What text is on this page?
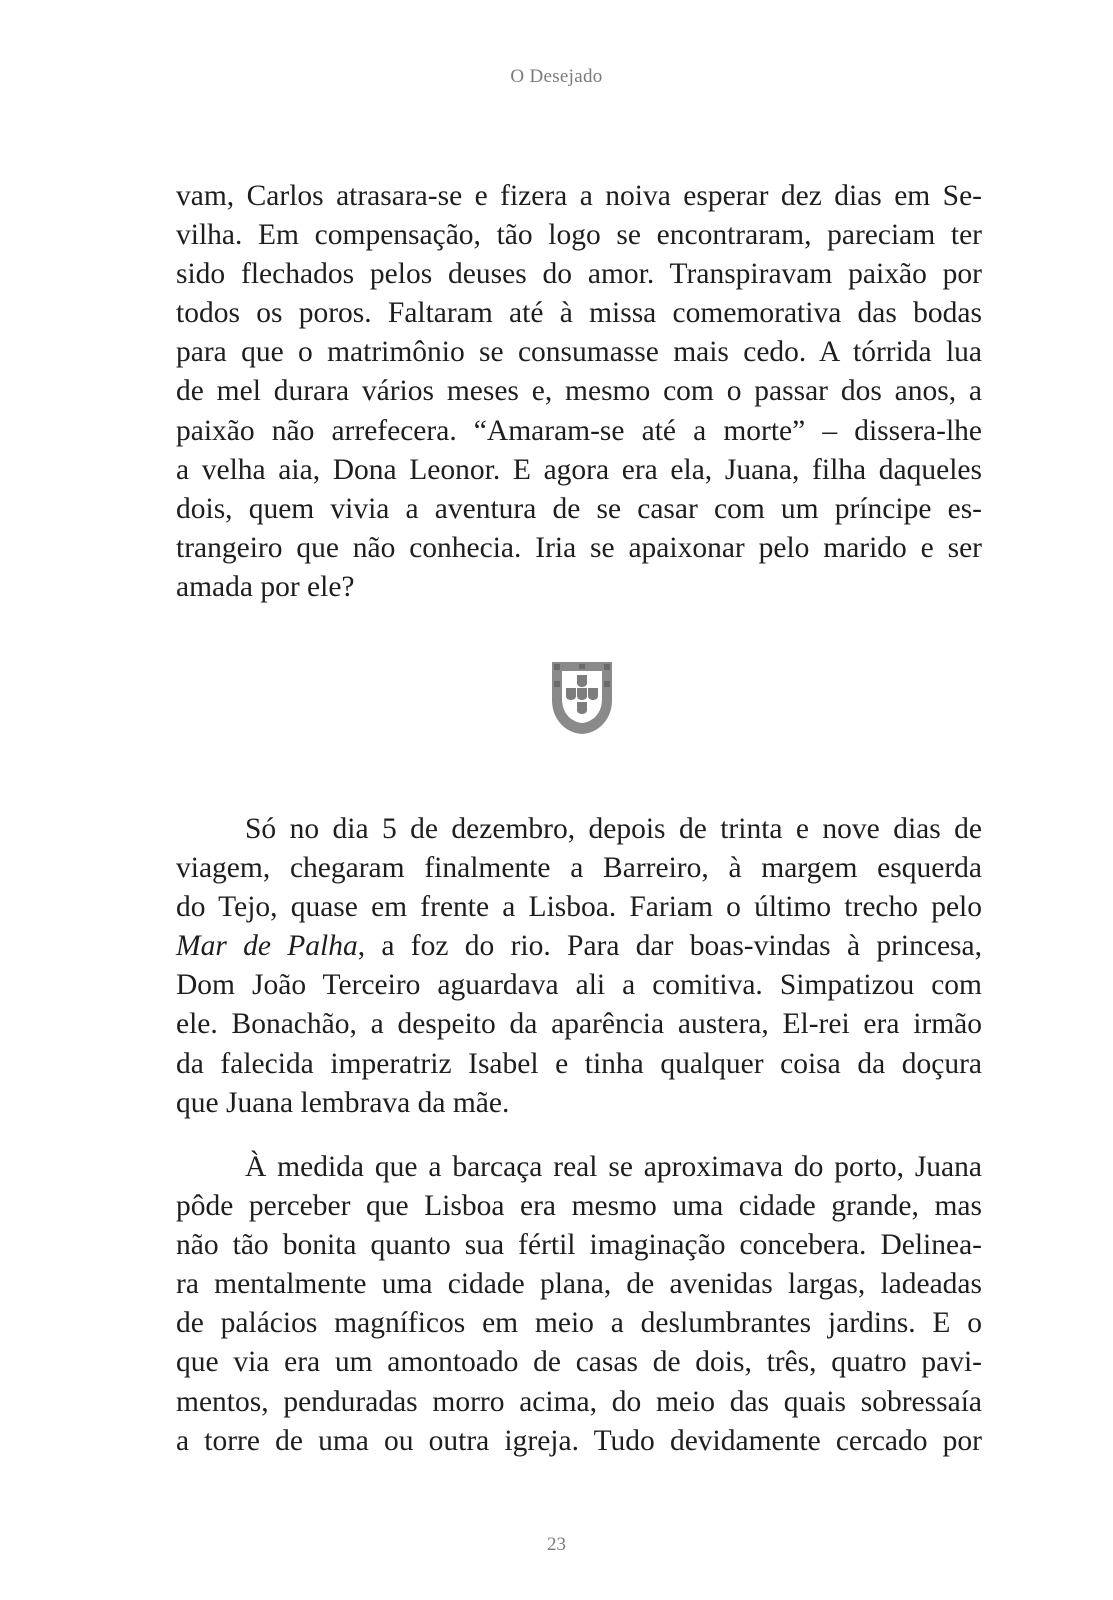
O Desejado
vam, Carlos atrasara-se e fizera a noiva esperar dez dias em Se-
vilha. Em compensação, tão logo se encontraram, pareciam ter
sido flechados pelos deuses do amor. Transpiravam paixão por
todos os poros. Faltaram até à missa comemorativa das bodas
para que o matrimônio se consumasse mais cedo. A tórrida lua
de mel durara vários meses e, mesmo com o passar dos anos, a
paixão não arrefecera. “Amaram-se até a morte” – dissera-lhe
a velha aia, Dona Leonor. E agora era ela, Juana, filha daqueles
dois, quem vivia a aventura de se casar com um príncipe es-
trangeiro que não conhecia. Iria se apaixonar pelo marido e ser
amada por ele?
Só no dia 5 de dezembro, depois de trinta e nove dias de
viagem, chegaram finalmente a Barreiro, à margem esquerda
do Tejo, quase em frente a Lisboa. Fariam o último trecho pelo
Mar de Palha, a foz do rio. Para dar boas-vindas à princesa,
Dom João Terceiro aguardava ali a comitiva. Simpatizou com
ele. Bonachão, a despeito da aparência austera, El-rei era irmão
da falecida imperatriz Isabel e tinha qualquer coisa da doçura
que Juana lembrava da mãe.
À medida que a barcaça real se aproximava do porto, Juana
pôde perceber que Lisboa era mesmo uma cidade grande, mas
não tão bonita quanto sua fértil imaginação concebera. Delinea-
ra mentalmente uma cidade plana, de avenidas largas, ladeadas
de palácios magníficos em meio a deslumbrantes jardins. E o
que via era um amontoado de casas de dois, três, quatro pavi-
mentos, penduradas morro acima, do meio das quais sobressaía
a torre de uma ou outra igreja. Tudo devidamente cercado por
23
